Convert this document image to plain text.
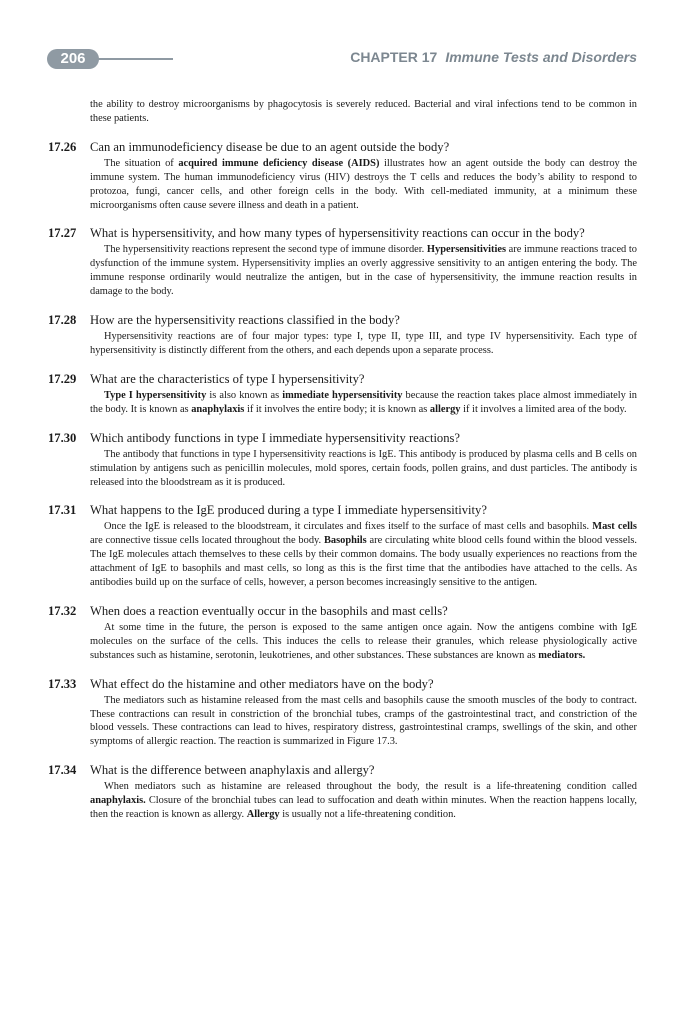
206	CHAPTER 17 Immune Tests and Disorders

the ability to destroy microorganisms by phagocytosis is severely reduced. Bacterial and viral infections tend to be common in these patients.

17.26	Can an immunodeficiency disease be due to an agent outside the body?

The situation of acquired immune deficiency disease (AIDS) illustrates how an agent outside the body can destroy the immune system. The human immunodeficiency virus (HIV) destroys the T cells and reduces the body’s ability to respond to protozoa, fungi, cancer cells, and other foreign cells in the body. With cell-mediated immunity, at a minimum these microorganisms often cause severe illness and death in a patient.

17.27	What is hypersensitivity, and how many types of hypersensitivity reactions can occur in the body?

The hypersensitivity reactions represent the second type of immune disorder. Hypersensitivities are immune reactions traced to dysfunction of the immune system. Hypersensitivity implies an overly aggressive sensitivity to an antigen entering the body. The immune response ordinarily would neutralize the antigen, but in the case of hypersensitivity, the immune reaction results in damage to the body.

17.28	How are the hypersensitivity reactions classified in the body?

Hypersensitivity reactions are of four major types: type I, type II, type III, and type IV hypersensitivity. Each type of hypersensitivity is distinctly different from the others, and each depends upon a separate process.

17.29	What are the characteristics of type I hypersensitivity?

Type I hypersensitivity is also known as immediate hypersensitivity because the reaction takes place almost immediately in the body. It is known as anaphylaxis if it involves the entire body; it is known as allergy if it involves a limited area of the body.

17.30	Which antibody functions in type I immediate hypersensitivity reactions?

The antibody that functions in type I hypersensitivity reactions is IgE. This antibody is produced by plasma cells and B cells on stimulation by antigens such as penicillin molecules, mold spores, certain foods, pollen grains, and dust particles. The antibody is released into the bloodstream as it is produced.

17.31	What happens to the IgE produced during a type I immediate hypersensitivity?

Once the IgE is released to the bloodstream, it circulates and fixes itself to the surface of mast cells and basophils. Mast cells are connective tissue cells located throughout the body. Basophils are circulating white blood cells found within the blood vessels. The IgE molecules attach themselves to these cells by their common domains. The body usually experiences no reactions from the attachment of IgE to basophils and mast cells, so long as this is the first time that the antibodies have attached to the cells. As antibodies build up on the surface of cells, however, a person becomes increasingly sensitive to the antigen.

17.32	When does a reaction eventually occur in the basophils and mast cells?

At some time in the future, the person is exposed to the same antigen once again. Now the antigens combine with IgE molecules on the surface of the cells. This induces the cells to release their granules, which release physiologically active substances such as histamine, serotonin, leukotrienes, and other substances. These substances are known as mediators.

17.33	What effect do the histamine and other mediators have on the body?

The mediators such as histamine released from the mast cells and basophils cause the smooth muscles of the body to contract. These contractions can result in constriction of the bronchial tubes, cramps of the gastrointestinal tract, and constriction of the blood vessels. These contractions can lead to hives, respiratory distress, gastrointestinal cramps, swellings of the skin, and other symptoms of allergic reaction. The reaction is summarized in Figure 17.3.

17.34	What is the difference between anaphylaxis and allergy?

When mediators such as histamine are released throughout the body, the result is a life-threatening condition called anaphylaxis. Closure of the bronchial tubes can lead to suffocation and death within minutes. When the reaction happens locally, then the reaction is known as allergy. Allergy is usually not a life-threatening condition.
